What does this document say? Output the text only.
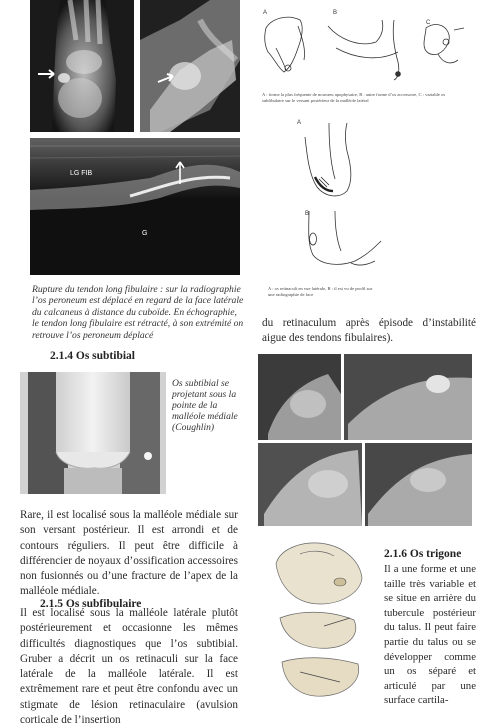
LG FIB
G
Rupture du tendon long fibulaire : sur la radiographie l’os peroneum est déplacé en regard de la face latérale du calcaneus à distance du cuboïde. En échographie, le tendon long fibulaire est rétracté, à son extrémité on retrouve l’os peroneum déplacé
A	B
C
A : forme la plus fréquente de nouvaeu apophysaire, B : autre forme d’os accessoire, C : variable os subfibulaire sur le versant postérieur de la malléole latéral
A
B
A : os retinaculi en vue latérale, B : il est vu de profil sur une radiographie de face

du retinaculum après épisode d’instabilité aigue des tendons fibulaires).

2.1.4 Os subtibial
Os subtibial se projetant sous la pointe de la malléole médiale (Coughlin)

Rare, il est localisé sous la malléole médiale sur son versant postérieur. Il est arrondi et de contours réguliers. Il peut être difficile à différencier de noyaux d’ossification accessoires non fusionnés ou d’une fracture de l’apex de la malléole médiale.

2.1.5 Os subfibulaire

Il est localisé sous la malléole latérale plutôt postérieurement et occasionne les mêmes difficultés diagnostiques que l’os subtibial. Gruber a décrit un os retinaculi sur la face latérale de la malléole latérale. Il est extrêmement rare et peut être confondu avec un stigmate de lésion retinaculaire (avulsion corticale de l’insertion

2.1.6 Os trigone

Il a une forme et une taille très variable et se situe en arrière du tubercule postérieur du talus. Il peut faire partie du talus ou se développer comme un os séparé et articulé par une surface cartila-
